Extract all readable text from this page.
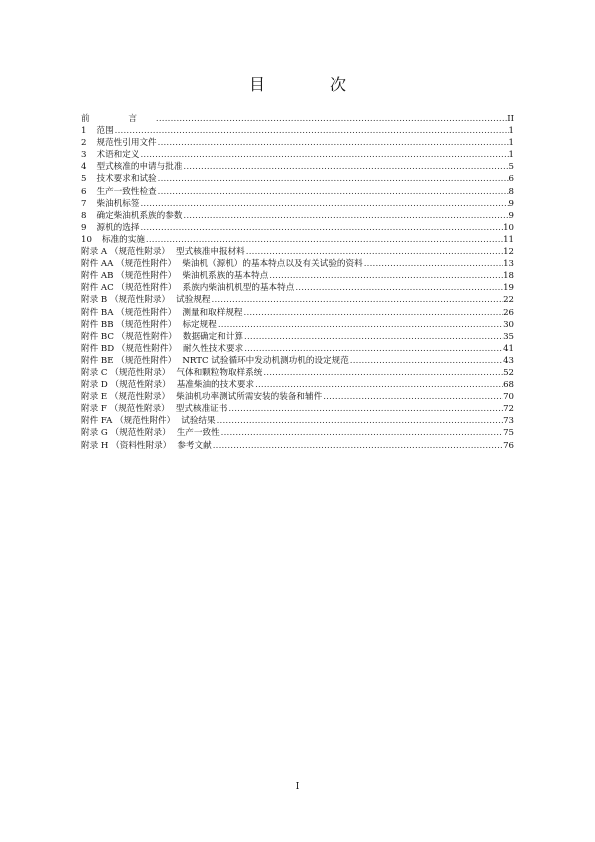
目 次
前 言 .....	II
1 范围 .....	1
2 规范性引用文件 .....	1
3 术语和定义 .....	1
4 型式核准的申请与批准 .....	5
5 技术要求和试验 .....	6
6 生产一致性检查 .....	8
7 柴油机标签 .....	9
8 确定柴油机系族的参数 .....	9
9 源机的选择 .....	10
10 标准的实施 .....	11
附录 A （规范性附录） 型式核准申报材料 .....	12
附件 AA （规范性附件） 柴油机（源机）的基本特点以及有关试验的资料 .....	13
附件 AB （规范性附件） 柴油机系族的基本特点 .....	18
附件 AC （规范性附件） 系族内柴油机机型的基本特点 .....	19
附录 B （规范性附录） 试验规程 .....	22
附件 BA （规范性附件） 测量和取样规程 .....	26
附件 BB （规范性附件） 标定规程 .....	30
附件 BC （规范性附件） 数据确定和计算 .....	35
附件 BD （规范性附件） 耐久性技术要求 .....	41
附件 BE （规范性附件） NRTC 试验循环中发动机测功机的设定规范 .....	43
附录 C （规范性附录） 气体和颗粒物取样系统 .....	52
附录 D （规范性附录） 基准柴油的技术要求 .....	68
附录 E （规范性附录） 柴油机功率测试所需安装的装备和辅件 .....	70
附录 F （规范性附录） 型式核准证书 .....	72
附件 FA （规范性附件） 试验结果 .....	73
附录 G （规范性附录） 生产一致性 .....	75
附录 H （资料性附录） 参考文献 .....	76
I
